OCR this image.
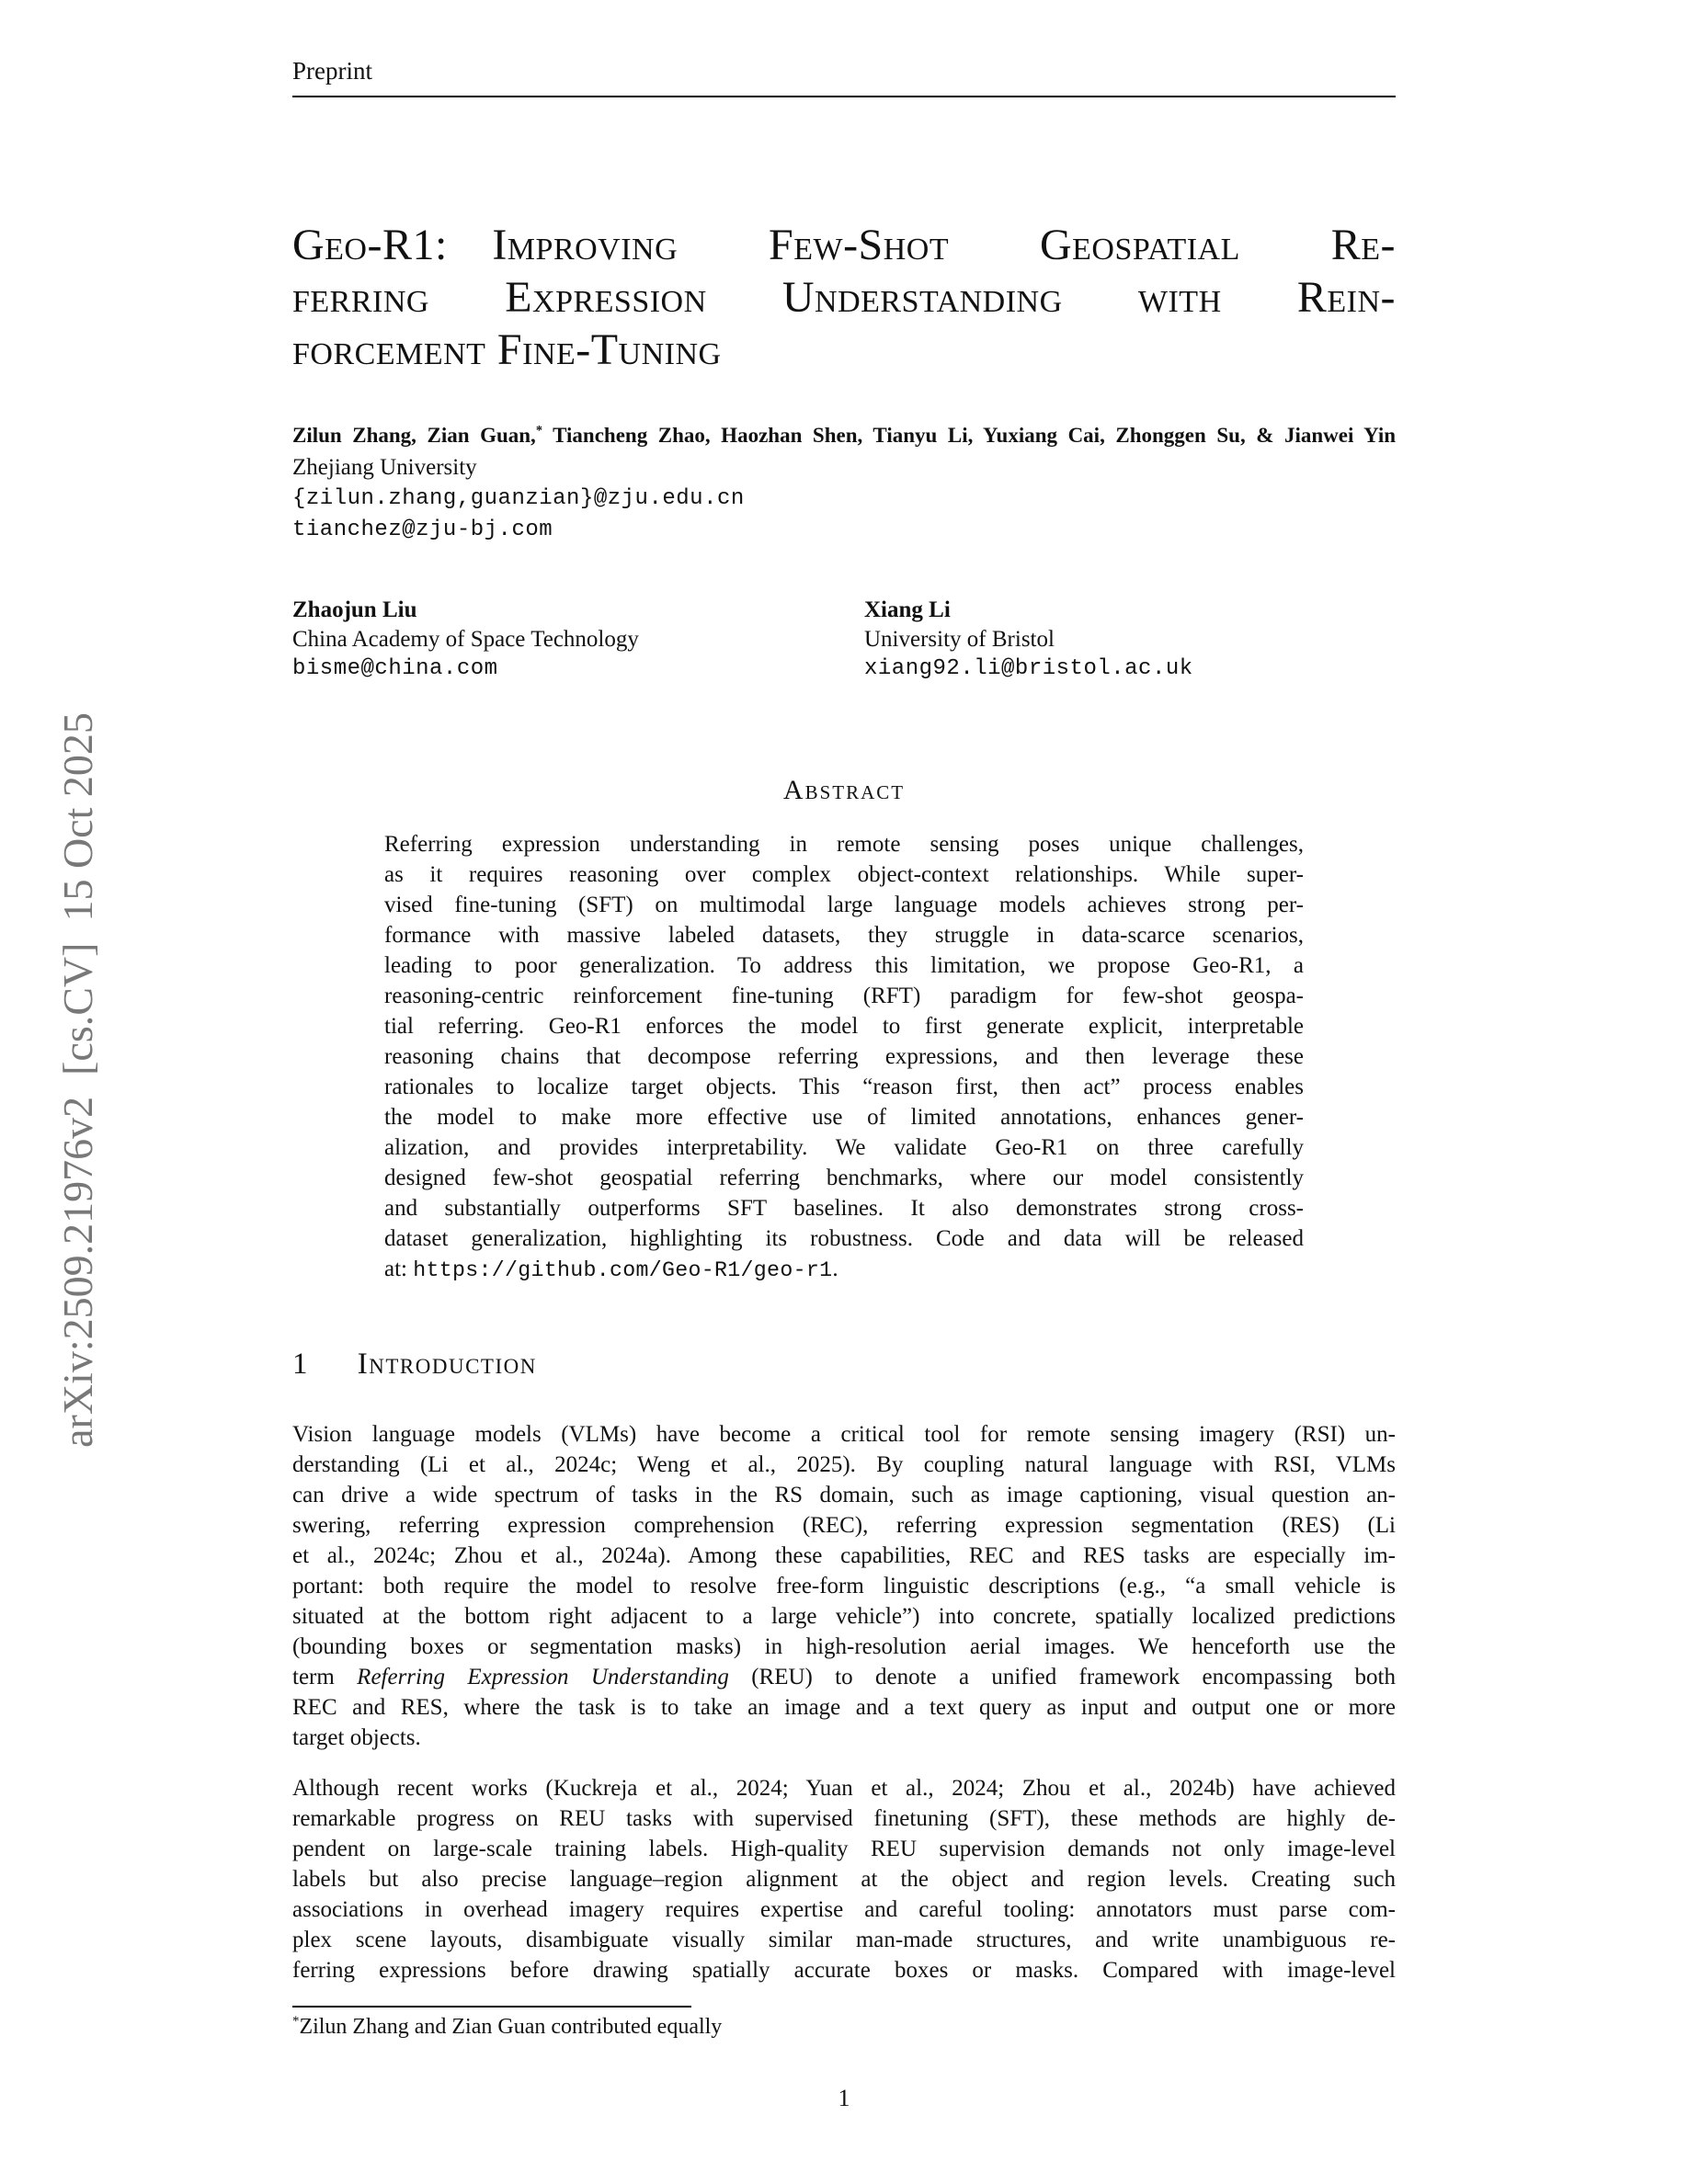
arXiv:2509.21976v2  [cs.CV]  15 Oct 2025
Preprint
Geo-R1: Improving Few-Shot Geospatial Re-
ferring Expression Understanding with Rein-
forcement Fine-Tuning
Zilun Zhang, Zian Guan,* Tiancheng Zhao, Haozhan Shen, Tianyu Li, Yuxiang Cai, Zhonggen Su, & Jianwei Yin
Zhejiang University
{zilun.zhang,guanzian}@zju.edu.cn
tianchez@zju-bj.com
Zhaojun Liu
China Academy of Space Technology
bisme@china.com
Xiang Li
University of Bristol
xiang92.li@bristol.ac.uk
Abstract
Referring expression understanding in remote sensing poses unique challenges,
as it requires reasoning over complex object-context relationships. While super-
vised fine-tuning (SFT) on multimodal large language models achieves strong per-
formance with massive labeled datasets, they struggle in data-scarce scenarios,
leading to poor generalization. To address this limitation, we propose Geo-R1, a
reasoning-centric reinforcement fine-tuning (RFT) paradigm for few-shot geospa-
tial referring. Geo-R1 enforces the model to first generate explicit, interpretable
reasoning chains that decompose referring expressions, and then leverage these
rationales to localize target objects. This “reason first, then act” process enables
the model to make more effective use of limited annotations, enhances gener-
alization, and provides interpretability. We validate Geo-R1 on three carefully
designed few-shot geospatial referring benchmarks, where our model consistently
and substantially outperforms SFT baselines. It also demonstrates strong cross-
dataset generalization, highlighting its robustness. Code and data will be released
at: https://github.com/Geo-R1/geo-r1.
1 Introduction
Vision language models (VLMs) have become a critical tool for remote sensing imagery (RSI) un-
derstanding (Li et al., 2024c; Weng et al., 2025). By coupling natural language with RSI, VLMs
can drive a wide spectrum of tasks in the RS domain, such as image captioning, visual question an-
swering, referring expression comprehension (REC), referring expression segmentation (RES) (Li
et al., 2024c; Zhou et al., 2024a). Among these capabilities, REC and RES tasks are especially im-
portant: both require the model to resolve free-form linguistic descriptions (e.g., “a small vehicle is
situated at the bottom right adjacent to a large vehicle”) into concrete, spatially localized predictions
(bounding boxes or segmentation masks) in high-resolution aerial images. We henceforth use the
term Referring Expression Understanding (REU) to denote a unified framework encompassing both
REC and RES, where the task is to take an image and a text query as input and output one or more
target objects.
Although recent works (Kuckreja et al., 2024; Yuan et al., 2024; Zhou et al., 2024b) have achieved
remarkable progress on REU tasks with supervised finetuning (SFT), these methods are highly de-
pendent on large-scale training labels. High-quality REU supervision demands not only image-level
labels but also precise language–region alignment at the object and region levels. Creating such
associations in overhead imagery requires expertise and careful tooling: annotators must parse com-
plex scene layouts, disambiguate visually similar man-made structures, and write unambiguous re-
ferring expressions before drawing spatially accurate boxes or masks. Compared with image-level
*Zilun Zhang and Zian Guan contributed equally
1
